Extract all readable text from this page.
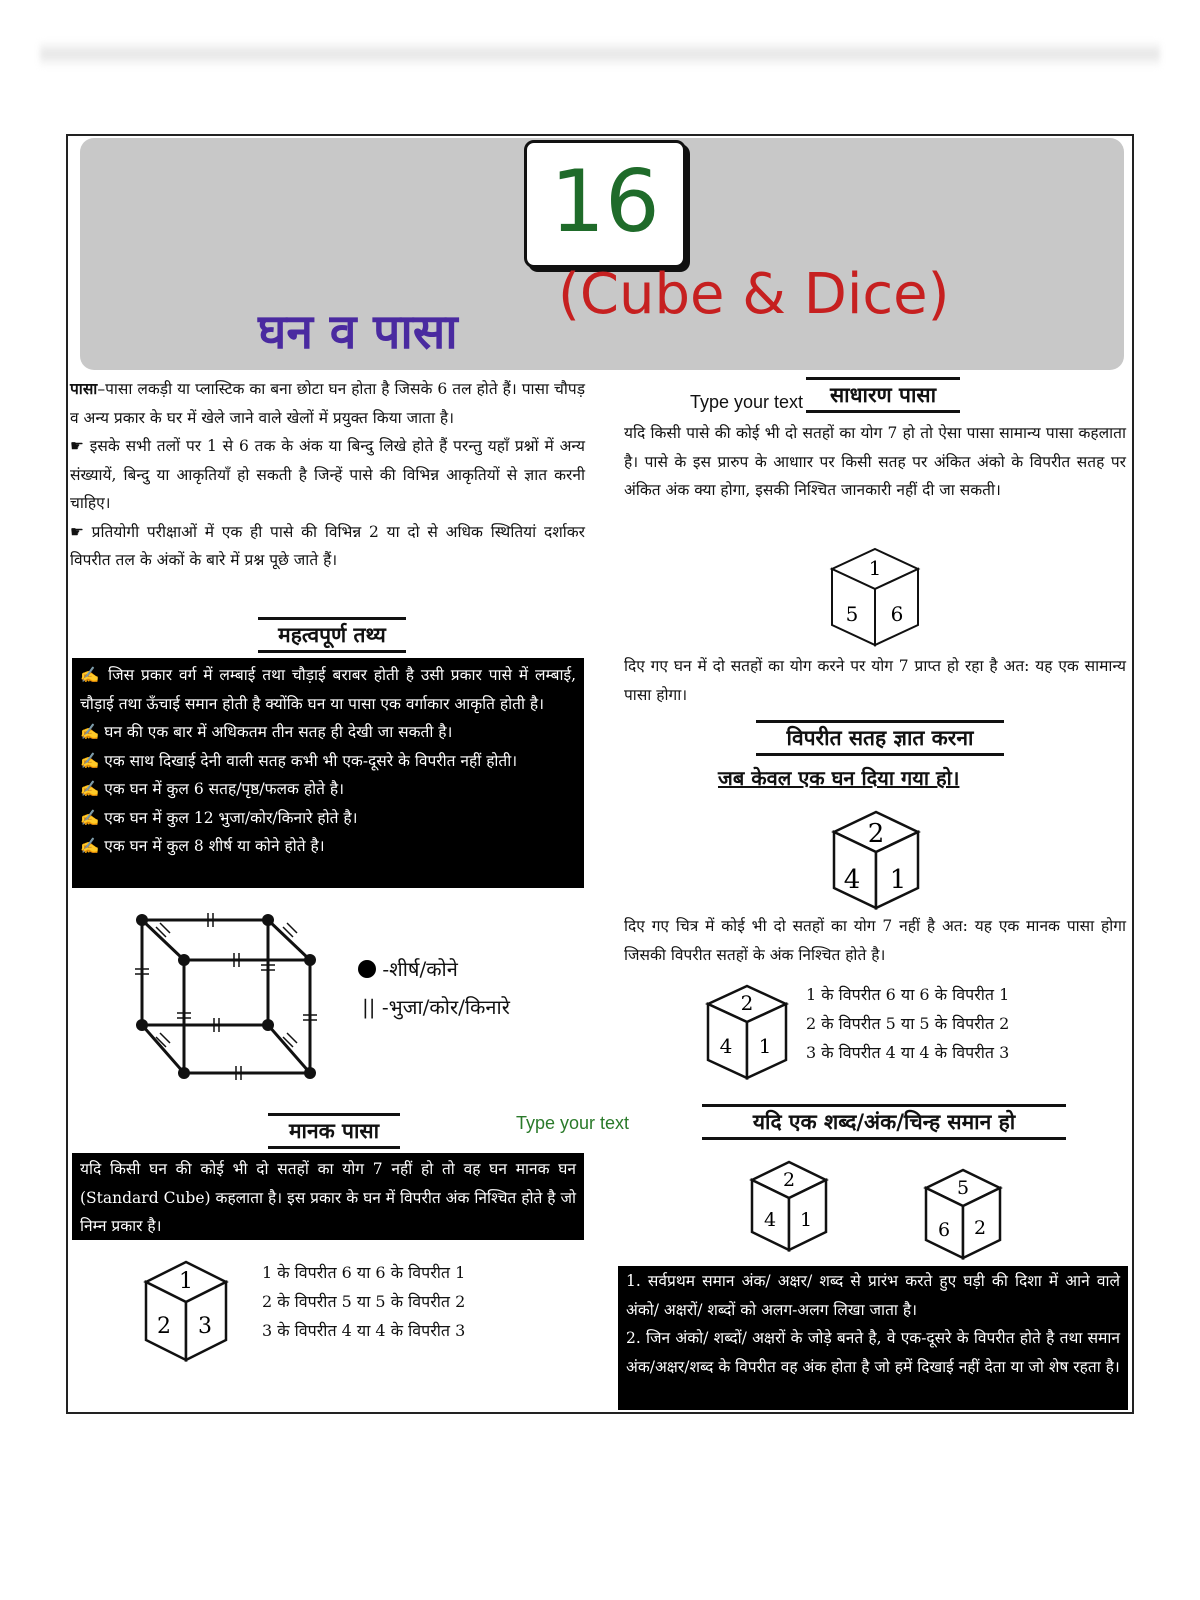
16
(Cube & Dice)
घन व पासा
पासा–पासा लकड़ी या प्लास्टिक का बना छोटा घन होता है जिसके 6 तल होते हैं। पासा चौपड़ व अन्य प्रकार के घर में खेले जाने वाले खेलों में प्रयुक्त किया जाता है।
☛ इसके सभी तलों पर 1 से 6 तक के अंक या बिन्दु लिखे होते हैं परन्तु यहाँ प्रश्नों में अन्य संख्यायें, बिन्दु या आकृतियाँ हो सकती है जिन्हें पासे की विभिन्न आकृतियों से ज्ञात करनी चाहिए।
☛ प्रतियोगी परीक्षाओं में एक ही पासे की विभिन्न 2 या दो से अधिक स्थितियां दर्शाकर विपरीत तल के अंकों के बारे में प्रश्न पूछे जाते हैं।
महत्वपूर्ण तथ्य
✍ जिस प्रकार वर्ग में लम्बाई तथा चौड़ाई बराबर होती है उसी प्रकार पासे में लम्बाई, चौड़ाई तथा ऊँचाई समान होती है क्योंकि घन या पासा एक वर्गाकार आकृति होती है।
✍ घन की एक बार में अधिकतम तीन सतह ही देखी जा सकती है।
✍ एक साथ दिखाई देनी वाली सतह कभी भी एक-दूसरे के विपरीत नहीं होती।
✍ एक घन में कुल 6 सतह/पृष्ठ/फलक होते है।
✍ एक घन में कुल 12 भुजा/कोर/किनारे होते है।
✍ एक घन में कुल 8 शीर्ष या कोने होते है।
-शीर्ष/कोने
|| -भुजा/कोर/किनारे
मानक पासा	Type your text
यदि किसी घन की कोई भी दो सतहों का योग 7 नहीं हो तो वह घन मानक घन (Standard Cube) कहलाता है। इस प्रकार के घन में विपरीत अंक निश्चित होते है जो निम्न प्रकार है।
1
2 3
1 के विपरीत 6 या 6 के विपरीत 1
2 के विपरीत 5 या 5 के विपरीत 2
3 के विपरीत 4 या 4 के विपरीत 3
Type your text	साधारण पासा
यदि किसी पासे की कोई भी दो सतहों का योग 7 हो तो ऐसा पासा सामान्य पासा कहलाता है। पासे के इस प्रारुप के आधाार पर किसी सतह पर अंकित अंको के विपरीत सतह पर अंकित अंक क्या होगा, इसकी निश्चित जानकारी नहीं दी जा सकती।
1
5 6
दिए गए घन में दो सतहों का योग करने पर योग 7 प्राप्त हो रहा है अत: यह एक सामान्य पासा होगा।
विपरीत सतह ज्ञात करना
जब केवल एक घन दिया गया हो।
2
4 1
दिए गए चित्र में कोई भी दो सतहों का योग 7 नहीं है अत: यह एक मानक पासा होगा जिसकी विपरीत सतहों के अंक निश्चित होते है।
2
4 1
1 के विपरीत 6 या 6 के विपरीत 1
2 के विपरीत 5 या 5 के विपरीत 2
3 के विपरीत 4 या 4 के विपरीत 3
यदि एक शब्द/अंक/चिन्ह समान हो
2
4 1
5
6 2
1. सर्वप्रथम समान अंक/ अक्षर/ शब्द से प्रारंभ करते हुए घड़ी की दिशा में आने वाले अंको/ अक्षरों/ शब्दों को अलग-अलग लिखा जाता है।
2. जिन अंको/ शब्दों/ अक्षरों के जोड़े बनते है, वे एक-दूसरे के विपरीत होते है तथा समान अंक/अक्षर/शब्द के विपरीत वह अंक होता है जो हमें दिखाई नहीं देता या जो शेष रहता है।
